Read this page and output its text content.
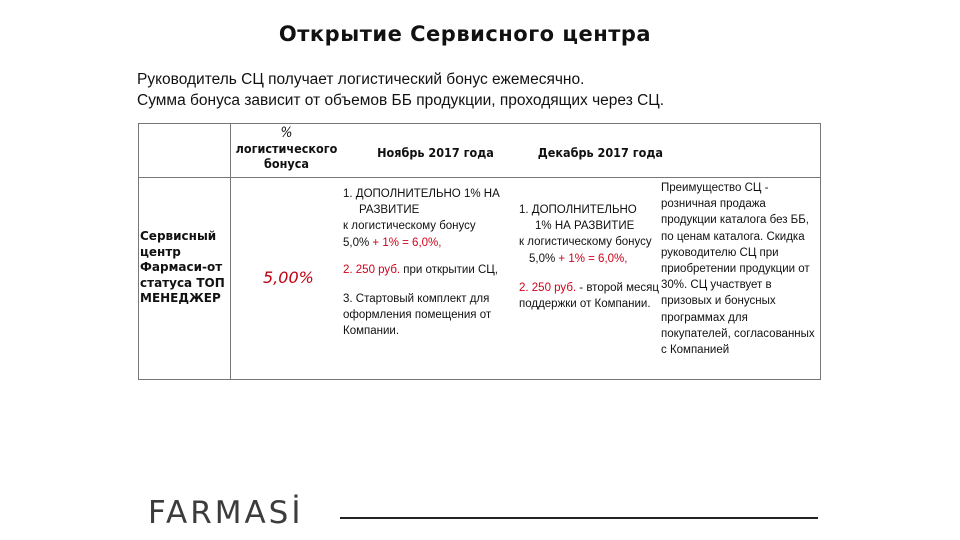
Открытие Сервисного центра
Руководитель СЦ получает логистический бонус ежемесячно.
Сумма бонуса зависит от объемов ББ продукции, проходящих через СЦ.
%
логистического бонуса
Ноябрь 2017 года	Декабрь 2017 года
Сервисный центр Фармаси-от статуса ТОП МЕНЕДЖЕР
5,00%
1. ДОПОЛНИТЕЛЬНО 1% НА
РАЗВИТИЕ
к логистическому бонусу
5,0% + 1% = 6,0%,
2. 250 руб. при открытии СЦ,
3. Стартовый комплект для оформления помещения от Компании.
1. ДОПОЛНИТЕЛЬНО
1% НА РАЗВИТИЕ
к логистическому бонусу
5,0% + 1% = 6,0%,
2. 250 руб. - второй месяц поддержки от Компании.
Преимущество СЦ - розничная продажа продукции каталога без ББ, по ценам каталога. Скидка руководителю СЦ при приобретении продукции от 30%. СЦ участвует в призовых и бонусных программах для покупателей, согласованных с Компанией
FARMASİ
